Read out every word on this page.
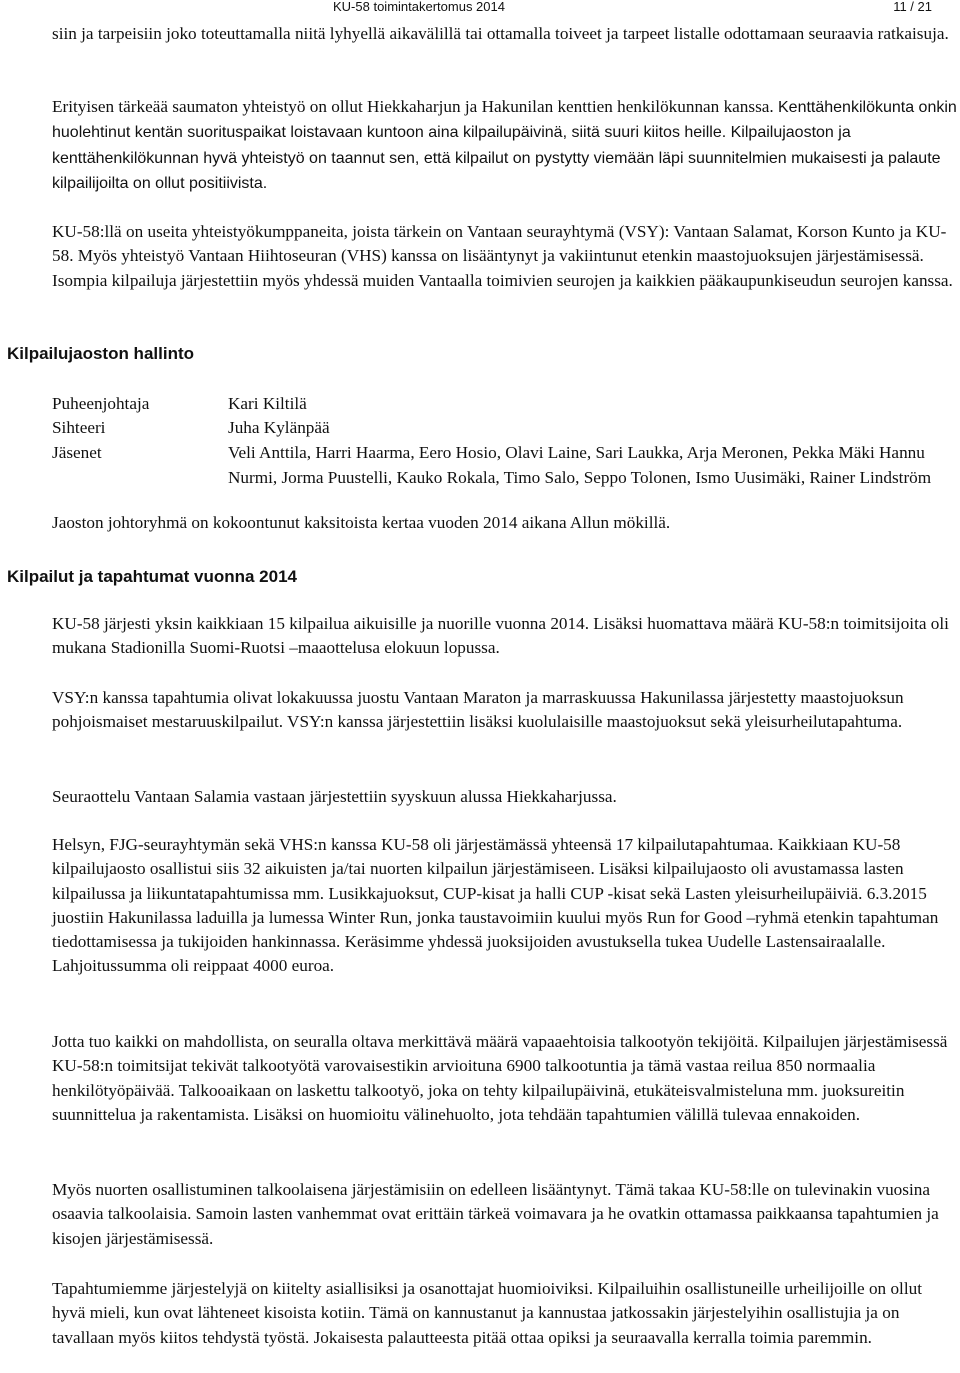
KU-58 toimintakertomus 2014	11 / 21

siin ja tarpeisiin joko toteuttamalla niitä lyhyellä aikavälillä tai ottamalla toiveet ja tarpeet listalle odottamaan seuraavia ratkaisuja.

Erityisen tärkeää saumaton yhteistyö on ollut Hiekkaharjun ja Hakunilan kenttien henkilökunnan kanssa. Kenttähenkilökunta onkin huolehtinut kentän suorituspaikat loistavaan kuntoon aina kilpailupäivinä, siitä suuri kiitos heille. Kilpailujaoston ja kenttähenkilökunnan hyvä yhteistyö on taannut sen, että kilpailut on pystytty viemään läpi suunnitelmien mukaisesti ja palaute kilpailijoilta on ollut positiivista.

KU-58:llä on useita yhteistyökumppaneita, joista tärkein on Vantaan seurayhtymä (VSY): Vantaan Salamat, Korson Kunto ja KU-58. Myös yhteistyö Vantaan Hiihtoseuran (VHS) kanssa on lisääntynyt ja vakiintunut etenkin maastojuoksujen järjestämisessä. Isompia kilpailuja järjestettiin myös yhdessä muiden Vantaalla toimivien seurojen ja kaikkien pääkaupunkiseudun seurojen kanssa.

Kilpailujaoston hallinto
Puheenjohtaja	Kari Kiltilä
Sihteeri	Juha Kylänpää
Jäsenet	Veli Anttila, Harri Haarma, Eero Hosio, Olavi Laine, Sari Laukka, Arja Meronen, Pekka Mäki Hannu Nurmi, Jorma Puustelli, Kauko Rokala, Timo Salo, Seppo Tolonen, Ismo Uusimäki, Rainer Lindström

Jaoston johtoryhmä on kokoontunut kaksitoista kertaa vuoden 2014 aikana Allun mökillä.

Kilpailut ja tapahtumat vuonna 2014

KU-58 järjesti yksin kaikkiaan 15 kilpailua aikuisille ja nuorille vuonna 2014. Lisäksi huomattava määrä KU-58:n toimitsijoita oli mukana Stadionilla Suomi-Ruotsi –maaottelusa elokuun lopussa.

VSY:n kanssa tapahtumia olivat lokakuussa juostu Vantaan Maraton ja marraskuussa Hakunilassa järjestetty maastojuoksun pohjoismaiset mestaruuskilpailut. VSY:n kanssa järjestettiin lisäksi kuolulaisille maastojuoksut sekä yleisurheilutapahtuma.

Seuraottelu Vantaan Salamia vastaan järjestettiin syyskuun alussa Hiekkaharjussa.

Helsyn, FJG-seurayhtymän sekä VHS:n kanssa KU-58 oli järjestämässä yhteensä 17 kilpailutapahtumaa. Kaikkiaan KU-58 kilpailujaosto osallistui siis 32 aikuisten ja/tai nuorten kilpailun järjestämiseen. Lisäksi kilpailujaosto oli avustamassa lasten kilpailussa ja liikuntatapahtumissa mm. Lusikkajuoksut, CUP-kisat ja halli CUP -kisat sekä Lasten yleisurheilupäiviä. 6.3.2015 juostiin Hakunilassa laduilla ja lumessa Winter Run, jonka taustavoimiin kuului myös Run for Good –ryhmä etenkin tapahtuman tiedottamisessa ja tukijoiden hankinnassa. Keräsimme yhdessä juoksijoiden avustuksella tukea Uudelle Lastensairaalalle. Lahjoitussumma oli reippaat 4000 euroa.

Jotta tuo kaikki on mahdollista, on seuralla oltava merkittävä määrä vapaaehtoisia talkootyön tekijöitä. Kilpailujen järjestämisessä KU-58:n toimitsijat tekivät talkootyötä varovaisestikin arvioituna 6900 talkootuntia ja tämä vastaa reilua 850 normaalia henkilötyöpäivää. Talkooaikaan on laskettu talkootyö, joka on tehty kilpailupäivinä, etukäteisvalmisteluna mm. juoksureitin suunnittelua ja rakentamista. Lisäksi on huomioitu välinehuolto, jota tehdään tapahtumien välillä tulevaa ennakoiden.

Myös nuorten osallistuminen talkoolaisena järjestämisiin on edelleen lisääntynyt. Tämä takaa KU-58:lle on tulevinakin vuosina osaavia talkoolaisia. Samoin lasten vanhemmat ovat erittäin tärkeä voimavara ja he ovatkin ottamassa paikkaansa tapahtumien ja kisojen järjestämisessä.

Tapahtumiemme järjestelyjä on kiitelty asiallisiksi ja osanottajat huomioiviksi. Kilpailuihin osallistuneille urheilijoille on ollut hyvä mieli, kun ovat lähteneet kisoista kotiin. Tämä on kannustanut ja kannustaa jatkossakin järjestelyihin osallistujia ja on tavallaan myös kiitos tehdystä työstä. Jokaisesta palautteesta pitää ottaa opiksi ja seuraavalla kerralla toimia paremmin.
